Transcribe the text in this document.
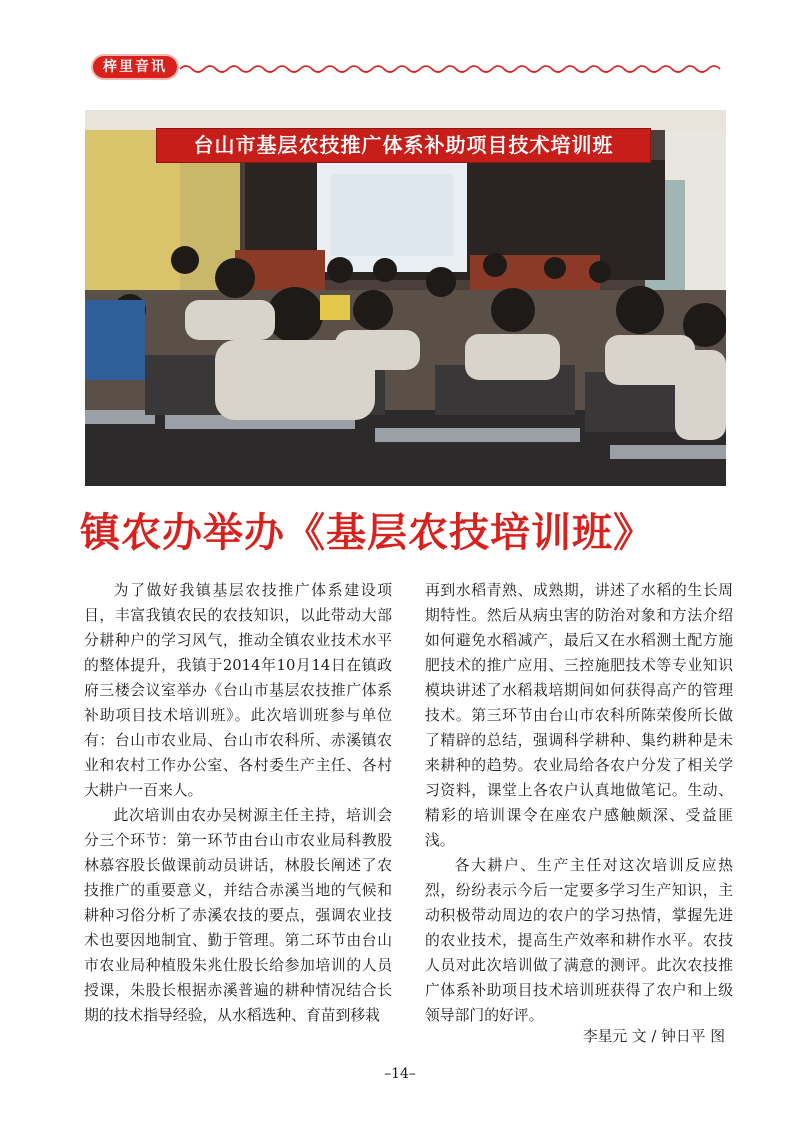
梓里音讯
台山市基层农技推广体系补助项目技术培训班
镇农办举办《基层农技培训班》

为了做好我镇基层农技推广体系建设项目，丰富我镇农民的农技知识，以此带动大部分耕种户的学习风气，推动全镇农业技术水平的整体提升，我镇于2014年10月14日在镇政府三楼会议室举办《台山市基层农技推广体系补助项目技术培训班》。此次培训班参与单位有：台山市农业局、台山市农科所、赤溪镇农业和农村工作办公室、各村委生产主任、各村大耕户一百来人。

此次培训由农办吴树源主任主持，培训会分三个环节：第一环节由台山市农业局科教股林慕容股长做课前动员讲话，林股长阐述了农技推广的重要意义，并结合赤溪当地的气候和耕种习俗分析了赤溪农技的要点，强调农业技术也要因地制宜、勤于管理。第二环节由台山市农业局种植股朱兆仕股长给参加培训的人员授课，朱股长根据赤溪普遍的耕种情况结合长期的技术指导经验，从水稻选种、育苗到移栽

再到水稻青熟、成熟期，讲述了水稻的生长周期特性。然后从病虫害的防治对象和方法介绍如何避免水稻减产，最后又在水稻测土配方施肥技术的推广应用、三控施肥技术等专业知识模块讲述了水稻栽培期间如何获得高产的管理技术。第三环节由台山市农科所陈荣俊所长做了精辟的总结，强调科学耕种、集约耕种是未来耕种的趋势。农业局给各农户分发了相关学习资料，课堂上各农户认真地做笔记。生动、精彩的培训课令在座农户感触颇深、受益匪浅。

各大耕户、生产主任对这次培训反应热烈，纷纷表示今后一定要多学习生产知识，主动积极带动周边的农户的学习热情，掌握先进的农业技术，提高生产效率和耕作水平。农技人员对此次培训做了满意的测评。此次农技推广体系补助项目技术培训班获得了农户和上级领导部门的好评。

李星元 文 / 钟日平 图
–14–
